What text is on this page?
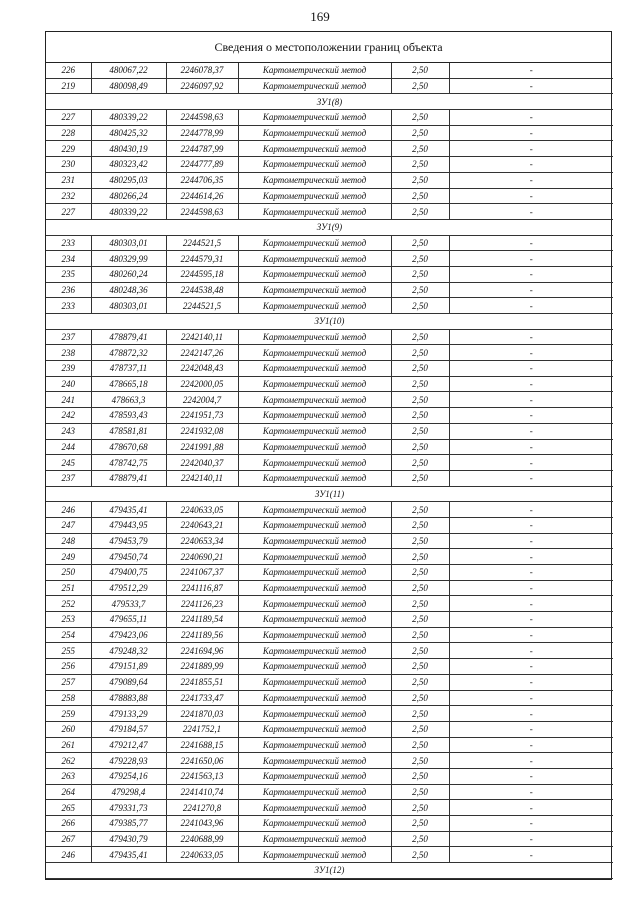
169
Сведения о местоположении границ объекта
226	480067,22	2246078,37	Картометрический метод	2,50	-
219	480098,49	2246097,92	Картометрический метод	2,50	-
ЗУ1(8)					
227	480339,22	2244598,63	Картометрический метод	2,50	-
228	480425,32	2244778,99	Картометрический метод	2,50	-
229	480430,19	2244787,99	Картометрический метод	2,50	-
230	480323,42	2244777,89	Картометрический метод	2,50	-
231	480295,03	2244706,35	Картометрический метод	2,50	-
232	480266,24	2244614,26	Картометрический метод	2,50	-
227	480339,22	2244598,63	Картометрический метод	2,50	-
ЗУ1(9)					
233	480303,01	2244521,5	Картометрический метод	2,50	-
234	480329,99	2244579,31	Картометрический метод	2,50	-
235	480260,24	2244595,18	Картометрический метод	2,50	-
236	480248,36	2244538,48	Картометрический метод	2,50	-
233	480303,01	2244521,5	Картометрический метод	2,50	-
ЗУ1(10)					
237	478879,41	2242140,11	Картометрический метод	2,50	-
238	478872,32	2242147,26	Картометрический метод	2,50	-
239	478737,11	2242048,43	Картометрический метод	2,50	-
240	478665,18	2242000,05	Картометрический метод	2,50	-
241	478663,3	2242004,7	Картометрический метод	2,50	-
242	478593,43	2241951,73	Картометрический метод	2,50	-
243	478581,81	2241932,08	Картометрический метод	2,50	-
244	478670,68	2241991,88	Картометрический метод	2,50	-
245	478742,75	2242040,37	Картометрический метод	2,50	-
237	478879,41	2242140,11	Картометрический метод	2,50	-
ЗУ1(11)					
246	479435,41	2240633,05	Картометрический метод	2,50	-
247	479443,95	2240643,21	Картометрический метод	2,50	-
248	479453,79	2240653,34	Картометрический метод	2,50	-
249	479450,74	2240690,21	Картометрический метод	2,50	-
250	479400,75	2241067,37	Картометрический метод	2,50	-
251	479512,29	2241116,87	Картометрический метод	2,50	-
252	479533,7	2241126,23	Картометрический метод	2,50	-
253	479655,11	2241189,54	Картометрический метод	2,50	-
254	479423,06	2241189,56	Картометрический метод	2,50	-
255	479248,32	2241694,96	Картометрический метод	2,50	-
256	479151,89	2241889,99	Картометрический метод	2,50	-
257	479089,64	2241855,51	Картометрический метод	2,50	-
258	478883,88	2241733,47	Картометрический метод	2,50	-
259	479133,29	2241870,03	Картометрический метод	2,50	-
260	479184,57	2241752,1	Картометрический метод	2,50	-
261	479212,47	2241688,15	Картометрический метод	2,50	-
262	479228,93	2241650,06	Картометрический метод	2,50	-
263	479254,16	2241563,13	Картометрический метод	2,50	-
264	479298,4	2241410,74	Картометрический метод	2,50	-
265	479331,73	2241270,8	Картометрический метод	2,50	-
266	479385,77	2241043,96	Картометрический метод	2,50	-
267	479430,79	2240688,99	Картометрический метод	2,50	-
246	479435,41	2240633,05	Картометрический метод	2,50	-
ЗУ1(12)					
